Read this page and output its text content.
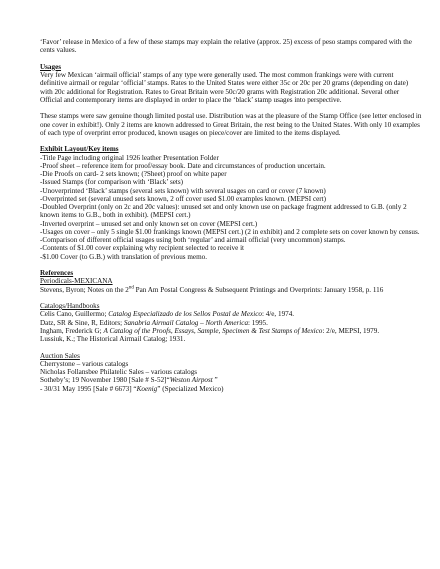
‘Favor’ release in Mexico of a few of these stamps may explain the relative (approx. 25) excess of peso stamps compared with the cents values.

Usages

Very few Mexican ‘airmail official’ stamps of any type were generally used. The most common frankings were with current definitive airmail or regular ‘official’ stamps. Rates to the United States were either 35c or 20c per 20 grams (depending on date) with 20c additional for Registration. Rates to Great Britain were 50c/20 grams with Registration 20c additional. Several other Official and contemporary items are displayed in order to place the ‘black’ stamp usages into perspective.

These stamps were saw genuine though limited postal use. Distribution was at the pleasure of the Stamp Office (see letter enclosed in one cover in exhibit!). Only 2 items are known addressed to Great Britain, the rest being to the United States. With only 10 examples of each type of overprint error produced, known usages on piece/cover are limited to the items displayed.

Exhibit Layout/Key items

-Title Page including original 1926 leather Presentation Folder

-Proof sheet – reference item for proof/essay book. Date and circumstances of production uncertain.

-Die Proofs on card- 2 sets known; (?Sheet) proof on white paper

-Issued Stamps (for comparison with ‘Black’ sets)

-Unoverprinted ‘Black’ stamps (several sets known) with several usages on card or cover (7 known)

-Overprinted set (several unused sets known, 2 off cover used $1.00 examples known. (MEPSI cert)

-Doubled Overprint (only on 2c and 20c values): unused set and only known use on package fragment addressed to G.B. (only 2 known items to G.B., both in exhibit). (MEPSI cert.)

-Inverted overprint – unused set and only known set on cover (MEPSI cert.)

-Usages on cover – only 5 single $1.00 frankings known (MEPSI cert.) (2 in exhibit) and 2 complete sets on cover known by census.

-Comparison of different official usages using both ‘regular’ and airmail official (very uncommon) stamps.

-Contents of $1.00 cover explaining why recipient selected to receive it

-$1.00 Cover (to G.B.) with translation of previous memo.

References

Periodicals-MEXICANA

Stevens, Byron; Notes on the 2nd Pan Am Postal Congress & Subsequent Printings and Overprints: January 1958, p. 116

Catalogs/Handbooks

Celis Cano, Guillermo; Catalog Especializado de los Sellos Postal de Mexico: 4/e, 1974.

Datz, SR & Sine, R, Editors; Sanabria Airmail Catalog – North America: 1995.

Ingham, Frederick G; A Catalog of the Proofs, Essays, Sample, Specimen & Test Stamps of Mexico: 2/e, MEPSI, 1979.

Lussiuk, K.; The Historical Airmail Catalog; 1931.

Auction Sales

Cherrystone – various catalogs

Nicholas Follansbee Philatelic Sales – various catalogs

Sotheby’s; 19 November 1980 [Sale # S-52]“Weston Airpost ”

- 30/31 May 1995 [Sale # 6673] “Koenig” (Specialized Mexico)
